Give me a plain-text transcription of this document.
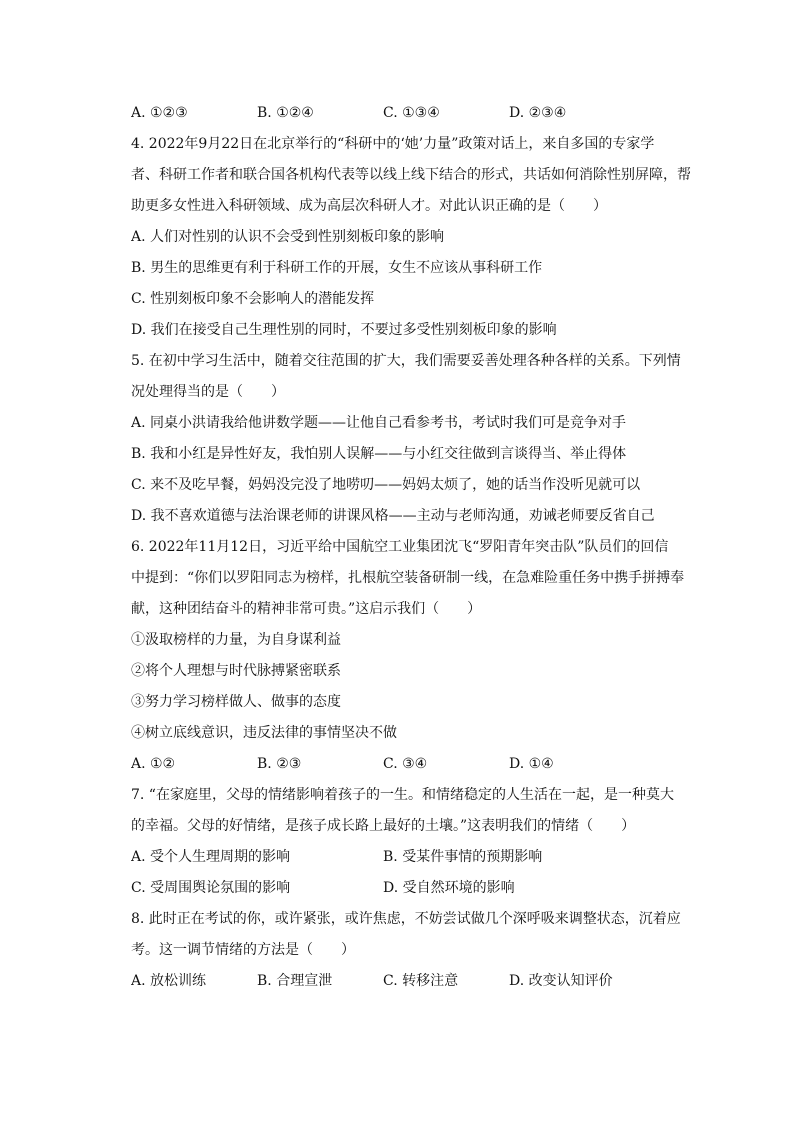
A. ①②③	B. ①②④	C. ①③④	D. ②③④
4. 2022年9月22日在北京举行的“科研中的‘她’力量”政策对话上，来自多国的专家学
者、科研工作者和联合国各机构代表等以线上线下结合的形式，共话如何消除性别屏障，帮
助更多女性进入科研领域、成为高层次科研人才。对此认识正确的是（　　）
A. 人们对性别的认识不会受到性别刻板印象的影响
B. 男生的思维更有利于科研工作的开展，女生不应该从事科研工作
C. 性别刻板印象不会影响人的潜能发挥
D. 我们在接受自己生理性别的同时，不要过多受性别刻板印象的影响
5. 在初中学习生活中，随着交往范围的扩大，我们需要妥善处理各种各样的关系。下列情
况处理得当的是（　　）
A. 同桌小洪请我给他讲数学题——让他自己看参考书，考试时我们可是竞争对手
B. 我和小红是异性好友，我怕别人误解——与小红交往做到言谈得当、举止得体
C. 来不及吃早餐，妈妈没完没了地唠叨——妈妈太烦了，她的话当作没听见就可以
D. 我不喜欢道德与法治课老师的讲课风格——主动与老师沟通，劝诫老师要反省自己
6. 2022年11月12日，习近平给中国航空工业集团沈飞“罗阳青年突击队”队员们的回信
中提到：“你们以罗阳同志为榜样，扎根航空装备研制一线，在急难险重任务中携手拼搏奉
献，这种团结奋斗的精神非常可贵。”这启示我们（　　）
①汲取榜样的力量，为自身谋利益
②将个人理想与时代脉搏紧密联系
③努力学习榜样做人、做事的态度
④树立底线意识，违反法律的事情坚决不做
A. ①②	B. ②③	C. ③④	D. ①④
7. “在家庭里，父母的情绪影响着孩子的一生。和情绪稳定的人生活在一起，是一种莫大
的幸福。父母的好情绪，是孩子成长路上最好的土壤。”这表明我们的情绪（　　）
A. 受个人生理周期的影响	B. 受某件事情的预期影响
C. 受周围舆论氛围的影响	D. 受自然环境的影响
8. 此时正在考试的你，或许紧张，或许焦虑，不妨尝试做几个深呼吸来调整状态，沉着应
考。这一调节情绪的方法是（　　）
A. 放松训练	B. 合理宣泄	C. 转移注意	D. 改变认知评价
